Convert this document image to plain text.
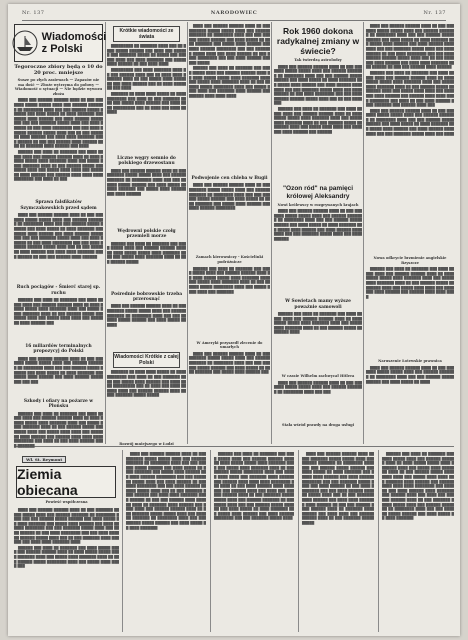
Nr. 137	NARODOWIEC	Nr. 137
Wiadomości z Polski
Tegoroczne zbiory będą o 10 do 20 proc. mniejsze
Susze po złych zasiewach — Zapasów nie ma dość — Zboże wytrzyma do połowy — Wiadomość o sytuacji — Nie będzie wywozu zboża

████ ███ ██████ ██████ ████ ██ ███ ███████ █████ █████ ████ ███ ██████ ███████ ██ ████████ ████ ███ ███ ██████ █████ ██████ ███ ████ █████ ██ ████ ███████ ███ █████ ████ ██████ ███ ████ ██████ ████████ ███ ███ ███████ █████ ████ ███ ████ ██████ ██ ███ ████ ████████ ███ ███ ████ ██████ ██████ █████ ████ ███ ██ ███ ███████ ████ ██████ ███ ████ ████ ███████ ████ ██████ ██ ███ ███ ██████ ████ ██████ ████ ██ ███████ ████ ██████ ███ ████

██████ ███ ████ ██ ███████ ███ ████ █████ ████ ███ ██████ ██████ ████ ██ ████ █████ █████ ████ ███████ ████ ███ █████ ████ ███████ ████ ██ ███ ██████ █████ ████████ ████ ███ █████ ████ ████ ███ ███████ ████ ██████ ███ ██████ ████ ████ ████ ████████ ███ ████ ██ ███

Sprawa falsfikatów Szymczakowskich przed sądem

████ ███ ██████ ██████ ████ ██ ███ ███████ █████ █████ ████ ███ ██████ ███████ ██ ████████ ████ ███ ███ ██████ █████ ██████ ███ ████ █████ ██ ████ ███████ ███ █████ ████ ██████ ███ ████ ██████ ████████ ███ ███ ███████ █████ ████ ███ ████ ██████ ██ ███ ████ ████████ ███ ███ ████ ██████ ██████ █████ ████ ███ ██ ███ ███████ ████ ██████ ███ ████ ████ ███████ ████ ██████ ██ ███ ███ ██████ ████ ██████

Ruch pociągów - Śmierć starej sp. ruchu

██████ ███ ████ ██ ███████ ███ ████ █████ ████ ███ ██████ ██████ ████ ██ ████ █████ █████ ████ ███████ ████ ███ █████ ████ ███████ ████ ██ ███ ██████ █████ ████████ ████ ███ █████ ████ ████ ███ ███████ ████ ██████ ███

16 miliardów terminalnych propozycyj do Polski

████ ███ ██████ ██████ ████ ██ ███ ███████ █████ █████ ████ ███ ██████ ███████ ██ ████████ ████ ███ ███ ██████ █████ ██████ ███ ████ █████ ██ ████ ███████ ███ █████ ████ ██████ ███ ████ ██████ ████████ ███ ███

Szkody i ofiary na pożarze w Płońsku

██████ ███ ████ ██ ███████ ███ ████ █████ ████ ███ ██████ ██████ ████ ██ ████ █████ █████ ████ ███████ ████ ███ █████ ████ ███████ ████ ██ ███ ██████ █████ ████████ ████ ███ █████ ████ ████ ███ ███████ ████ ██████ ███ ██████ ████ ████ ████ ████████ ███ ████ ██ ███ ████ ██████ ████ ███████

Krótkie wiadomości ze świata

█████████ ██ ███████ ████ ███ ██ ████ █████ ██████ ███ ████ ███ ██████ ███ ███████ █████ ██ █████ ███ ██████ ████ ███ ████ ███████ ███ █████ ████ ██████ ██ ███ ████ ████

█████████ ███ ████ ███████ ████ ██ ███ ██████ ████ ███ ██ ████ ████ ███████ ████ ██ ███ █████ ████ ███████ ███ ████ ██████ ███ ██ ████ ███████ ███ ████

███████ ██ ████ ████ █████ ██ ████ ████████ ███ ████ ██ ███ ███████ ████ ███ █████ ████ ██████ ███ ████ ████ █████████ ███ ██ ████ ███ ████ ██████

Liczne węgry semnio do polskiego drzewostanu

████ ███ ██████ ██████ ████ ██ ███ ███████ █████ █████ ████ ███ ██████ ███████ ██ ████████ ████ ███ ███ ██████ █████ ██████ ███ ████ █████ ██ ████ ███████ ███ █████ ████ ██████ ███ ████ ██████

Wędrowni polskie czołg przemieli morze

██████ ███ ████ ██ ███████ ███ ████ █████ ████ ███ ██████ ██████ ████ ██ ████ █████ █████ ████ ███████ ████ ███ █████ ████ ███████ ████ ██ ███ ██████ █████

Pośrednie bobrowskie trzeba przerosnąć

████ ███ ██████ ██████ ████ ██ ███ ███████ █████ █████ ████ ███ ██████ ███████ ██ ████████ ████ ███ ███ ██████ █████ ██████ ███ ████ █████ ██ ████

Wiadomości Krótkie z całej Polski

███████ ██ ████ ████ █████ ██ ████ ████████ ███ ████ ██ ███ ███████ ████ ███ █████ ████ ██████ ███ ████ ████ █████████ ███ ██ ████ ███ ████ ██████ ████ ███ ██████ ██████ ████ ██ ███ ███████ █████ █████

Rozwój mniejszego w Łodzi

████ ███ ██████ ██████ ████ ██ ███ ███████ █████ █████ ████ ███ ██████ ███████ ██ ████████ ████ ███ ███ ██████ █████ ██████ ███ ████ █████ ██ ████ ███████ ███ █████ ████ ██████ ███ ████ ██████ ████████ ███ ███ ███████ █████ ████ ███ ████ ██████ ██ ███ ████ ████████ ███ ███ ████ ██████ ██████ █████

██████ ███ ████ ██ ███████ ███ ████ █████ ████ ███ ██████ ██████ ████ ██ ████ █████ █████ ████ ███████ ████ ███ █████ ████ ███████ ████ ██ ███ ██████ █████ ████████ ████ ███ █████ ████ ████ ███ ███████ ████ ██████ ███ ██████ ████ ████ ████

Podwojenie cen chleba w Bugii

████ ███ ██████ ██████ ████ ██ ███ ███████ █████ █████ ████ ███ ██████ ███████ ██ ████████ ████ ███ ███ ██████ █████ ██████ ███ ████ █████ ██ ████ ███████ ███ █████ ████ ██████ ███ ████ ██████ ████████

Zamach kierowniczy - Kościelinki podróżnicze

██████ ███ ████ ██ ███████ ███ ████ █████ ████ ███ ██████ ██████ ████ ██ ████ █████ █████ ████ ███████ ████ ███ █████ ████ ███████ ████ ██ ███ ██████ █████ ████████ ████ ███ █████ ████ ████ ███ ███████

W Ameryki przyszedł zlecenie do umarłych

████ ███ ██████ ██████ ████ ██ ███ ███████ █████ █████ ████ ███ ██████ ███████ ██ ████████ ████ ███ ███ ██████ █████ ██████ ███ ████ █████ ██ ████ ███████ ███ █████ ████ ██████ ███

Rok 1960 dokona radykalnej zmiany w świecie?
Tak twierdzą astrolodzy

████ ███ ██████ ██████ ████ ██ ███ ███████ █████ █████ ████ ███ ██████ ███████ ██ ████████ ████ ███ ███ ██████ █████ ██████ ███ ████ █████ ██ ████ ███████ ███ █████ ████ ██████ ███ ████ ██████ ████████ ███ ███ ███████ █████ ████ ███ ████ ██████ ██ ███ ████ ████████ ███ ███ ████ ██████ ██████ █████ ████ ███ ██ ███ ███████

██████ ███ ████ ██ ███████ ███ ████ █████ ████ ███ ██████ ██████ ████ ██ ████ █████ █████ ████ ███████ ████ ███ █████ ████ ███████ ████ ██ ███ ██████ █████ ████████ ████ ███ █████ ████ ████ ███ ███████ ████ ██████ ███ ██████

"Ozon ród" na pamięci królowej Aleksandry
Nowi królewscy w rozgrywanych krajach

████ ███ ██████ ██████ ████ ██ ███ ███████ █████ █████ ████ ███ ██████ ███████ ██ ████████ ████ ███ ███ ██████ █████ ██████ ███ ████ █████ ██ ████ ███████ ███ █████ ████ ██████ ███ ████ ██████ ████████ ███ ███ ███████ █████ ████ ███ ████ ██████

W Sowietach mamy wyższe poważnie samowoli

██████ ███ ████ ██ ███████ ███ ████ █████ ████ ███ ██████ ██████ ████ ██ ████ █████ █████ ████ ███████ ████ ███ █████ ████ ███████ ████ ██ ███ ██████ █████ ████████ ████

W czasie Wilhelm zachwycał Hitlera

████ ███ ██████ ██████ ████ ██ ███ ███████ █████ █████ ████ ███ ██████ ███████ ██ ████████ ████ ███ ███

Stała wśród prawdy na droga usługi

████ ███ ██████ ██████ ████ ██ ███ ███████ █████ █████ ████ ███ ██████ ███████ ██ ████████ ████ ███ ███ ██████ █████ ██████ ███ ████ █████ ██ ████ ███████ ███ █████ ████ ██████ ███ ████ ██████ ████████ ███ ███ ███████ █████ ████ ███ ████ ██████ ██ ███ ████ ████████ ███ ███ ████ ██████ ██████ █████ ████ ███ ██ ███ ███████ ████ ██████ ███ ████ ████ ███████ ████ ██████ ██ ███ ███ ██████ ████ ██████

██████ ███ ████ ██ ███████ ███ ████ █████ ████ ███ ██████ ██████ ████ ██ ████ █████ █████ ████ ███████ ████ ███ █████ ████ ███████ ████ ██ ███ ██████ █████ ████████ ████ ███ █████ ████ ████ ███ ███████ ████ ██████ ███ ██████ ████ ████ ████ ████████ ███ ████ ██ ███ ████ ██████ ████ ███████ ███ ██████ ████ ███

████ ███ ██████ ██████ ████ ██ ███ ███████ █████ █████ ████ ███ ██████ ███████ ██ ████████ ████ ███ ███ ██████ █████ ██████ ███ ████ █████ ██ ████ ███████ ███ █████ ████ ██████ ███ ████ ██████ ████████ ███ ███ ███████ █████ ████ ███ ████

Nowa odkrycie brzmienie angielskie Bzyszcze

██████ ███ ████ ██ ███████ ███ ████ █████ ████ ███ ██████ ██████ ████ ██ ████ █████ █████ ████ ███████ ████ ███ █████ ████ ███████ ████ ██ ███ ██████ █████ ████████ ████ ███ █████ ████ ████ ███ ███████ ████ ██████ ███ ██████ ████ ████ ████

Naruszenie Łotewskie prawnica

████ ███ ██████ ██████ ████ ██ ███ ███████ █████ █████ ████ ███ ██████ ███████ ██ ████████ ████ ███ ███ ██████ █████ ██████ ███ ████ █████ ██ ████

Wł. St. Reymont
Ziemia obiecana
Powieść współczesna

████ ███ ██████ ██████ ████ ██ ███ ███████ █████ █████ ████ ███ ██████ ███████ ██ ████████ ████ ███ ███ ██████ █████ ██████ ███ ████ █████ ██ ████ ███████ ███ █████ ████ ██████ ███ ████ ██████ ████████ ███ ███ ███████ █████ ████ ███ ████ ██████ ██ ███ ████ ████████ ███ ███ ████ ██████ ██████ █████ ████ ███ ██ ███ ███████ ████ ██████ ███ ████ ████ ███████ ████

██████ ███ ████ ██ ███████ ███ ████ █████ ████ ███ ██████ ██████ ████ ██ ████ █████ █████ ████ ███████ ████ ███ █████ ████ ███████ ████ ██ ███ ██████ █████ ████████ ████ ███ █████ ████ ████ ███

████ ███ ██████ ██████ ████ ██ ███ ███████ █████ █████ ████ ███ ██████ ███████ ██ ████████ ████ ███ ███ ██████ █████ ██████ ███ ████ █████ ██ ████ ███████ ███ █████ ████ ██████ ███ ████ ██████ ████████ ███ ███ ███████ █████ ████ ███ ████ ██████ ██ ███ ████ ████████ ███ ███ ████ ██████ ██████ █████ ████ ███ ██ ███ ███████ ████ ██████ ███ ████ ████ ███████ ████ ██████ ██ ███ ███ ██████ ████ ██████ ████ ██ ███████ ████ ██████ ███ ████ ████ ███ ██████ ██████ ████ ██ ███ ███████ █████ █████ ████ ███ ██████ ███████ ██ ████████ ████ ███ ███ ██████ █████ ██████ ███ ████ █████ ██ ████ ███████

██████ ███ ████ ██ ███████ ███ ████ █████ ████ ███ ██████ ██████ ████ ██ ████ █████ █████ ████ ███████ ████ ███ █████ ████ ███████ ████ ██ ███ ██████ █████ ████████ ████ ███ █████ ████ ████ ███ ███████ ████ ██████ ███ ██████ ████ ████ ████ ████████ ███ ████ ██ ███ ████ ██████ ████ ███████ ███ ██████ ████ ███ ████ ███ ██████ ██████ ████ ██ ███ ███████ █████ █████ ████ ███ ██████ ███████ ██ ████████ ████ ███ ███ ██████ █████ ██████ ███ ████ █████ ██ ████ ███████ ███ █████ ████ ██████ ███ ████ ██████ ████████ ███ ███ ███████ █████ ████

████ ███ ██████ ██████ ████ ██ ███ ███████ █████ █████ ████ ███ ██████ ███████ ██ ████████ ████ ███ ███ ██████ █████ ██████ ███ ████ █████ ██ ████ ███████ ███ █████ ████ ██████ ███ ████ ██████ ████████ ███ ███ ███████ █████ ████ ███ ████ ██████ ██ ███ ████ ████████ ███ ███ ████ ██████ ██████ █████ ████ ███ ██ ███ ███████ ████ ██████ ███ ████ ████ ███████ ████ ██████ ██ ███ ███ ██████ ████ ██████ ████ ██ ███████ ████ ██████ ███ ████ ████ ███ ██████ ██████ ████ ██ ███ ███████ █████ █████

██████ ███ ████ ██ ███████ ███ ████ █████ ████ ███ ██████ ██████ ████ ██ ████ █████ █████ ████ ███████ ████ ███ █████ ████ ███████ ████ ██ ███ ██████ █████ ████████ ████ ███ █████ ████ ████ ███ ███████ ████ ██████ ███ ██████ ████ ████ ████ ████████ ███ ████ ██ ███ ████ ██████ ████ ███████ ███ ██████ ████ ███ ████ ███ ██████ ██████ ████ ██ ███ ███████ █████ █████ ████ ███ ██████ ███████ ██ ████████ ████ ███ ███ ██████ █████ ██████ ███ ████ █████ ██ ████ ███████
